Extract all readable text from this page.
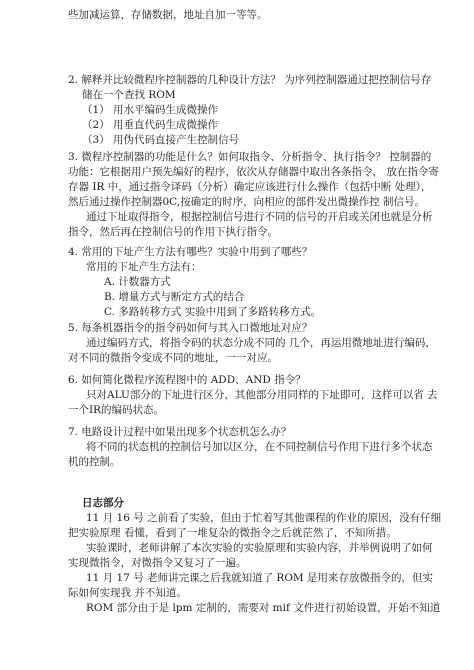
些加减运算，存储数据，地址自加一等等。
2. 解释并比较微程序控制器的几种设计方法？ 为序列控制器通过把控制信号存
储在一个查找 ROM
（1） 用水平编码生成微操作
（2） 用垂直代码生成微操作
（3） 用伪代码直接产生控制信号
3. 微程序控制器的功能是什么？如何取指令、分析指令、执行指令？ 控制器的
功能：它根据用户预先编好的程序，依次从存储器中取出各条指令， 放在指令寄
存器 IR 中，通过指令译码（分析）确定应该进行什么操作（包括中断 处理），
然后通过操作控制器0C,按确定的时序，向相应的部件发出微操作控 制信号。
通过下址取得指令，根据控制信号进行不同的信号的开启或关闭也就是分析
指令，然后再在控制信号的作用下执行指令。
4. 常用的下址产生方法有哪些？实验中用到了哪些？
常用的下址产生方法有：
A. 计数器方式
B. 增量方式与断定方式的结合
C. 多路转移方式 实验中用到了多路转移方式。
5. 每条机器指令的指令码如何与其入口微地址对应？
通过编码方式，将指令码的状态分成不同的 几个，再运用微地址进行编码，
对不同的微指令变成不同的地址，一一对应。
6. 如何简化微程序流程图中的 ADD、AND 指令？
只对ALU部分的下址进行区分，其他部分用同样的下址即可，这样可以省 去
一个IR的编码状态。
7. 电路设计过程中如果出现多个状态机怎么办？
将不同的状态机的控制信号加以区分，在不同控制信号作用下进行多个状态
机的控制。
日志部分
11 月 16 号 之前看了实验，但由于忙着写其他课程的作业的原因，没有仔细
把实验原理 看懂，看到了一堆复杂的微指令之后就茫然了，不知所措。
实验课时，老师讲解了本次实验的实验原理和实验内容，并举例说明了如何
实现微指令，对微指令又复习了一遍。
11 月 17 号 老师讲完课之后我就知道了 ROM 是用来存放微指令的，但实
际如何实现我 并不知道。
ROM 部分由于是 lpm 定制的，需要对 mif 文件进行初始设置，开始不知道
